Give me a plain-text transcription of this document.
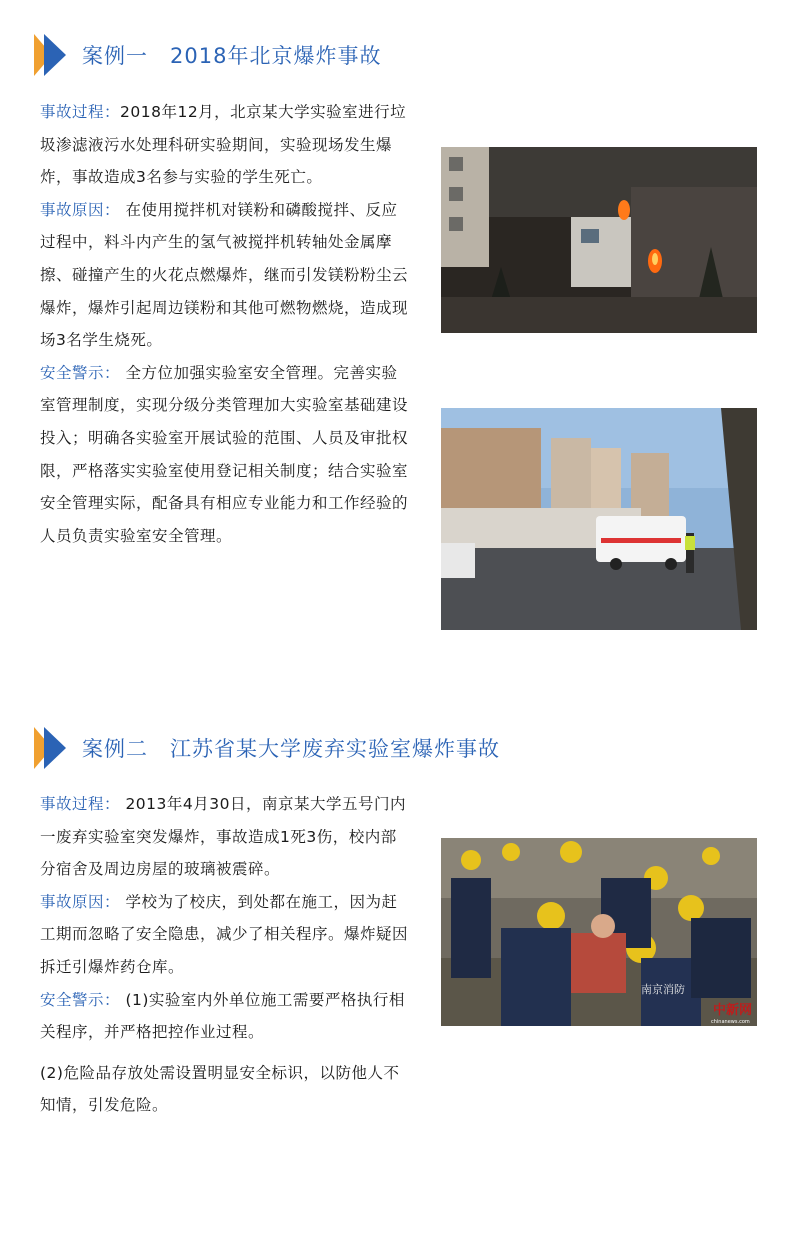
案例一　2018年北京爆炸事故

事故过程：2018年12月，北京某大学实验室进行垃圾渗滤液污水处理科研实验期间，实验现场发生爆炸，事故造成3名参与实验的学生死亡。

事故原因： 在使用搅拌机对镁粉和磷酸搅拌、反应过程中，料斗内产生的氢气被搅拌机转轴处金属摩擦、碰撞产生的火花点燃爆炸，继而引发镁粉粉尘云爆炸，爆炸引起周边镁粉和其他可燃物燃烧，造成现场3名学生烧死。

安全警示： 全方位加强实验室安全管理。完善实验室管理制度，实现分级分类管理加大实验室基础建设投入；明确各实验室开展试验的范围、人员及审批权限，严格落实实验室使用登记相关制度；结合实验室安全管理实际，配备具有相应专业能力和工作经验的人员负责实验室安全管理。

案例二　江苏省某大学废弃实验室爆炸事故

事故过程： 2013年4月30日，南京某大学五号门内一废弃实验室突发爆炸，事故造成1死3伤，校内部分宿舍及周边房屋的玻璃被震碎。

事故原因： 学校为了校庆，到处都在施工，因为赶工期而忽略了安全隐患，减少了相关程序。爆炸疑因拆迁引爆炸药仓库。

安全警示： (1)实验室内外单位施工需要严格执行相关程序，并严格把控作业过程。

(2)危险品存放处需设置明显安全标识，以防他人不知情，引发危险。

南京消防
中新网
chinanews.com
